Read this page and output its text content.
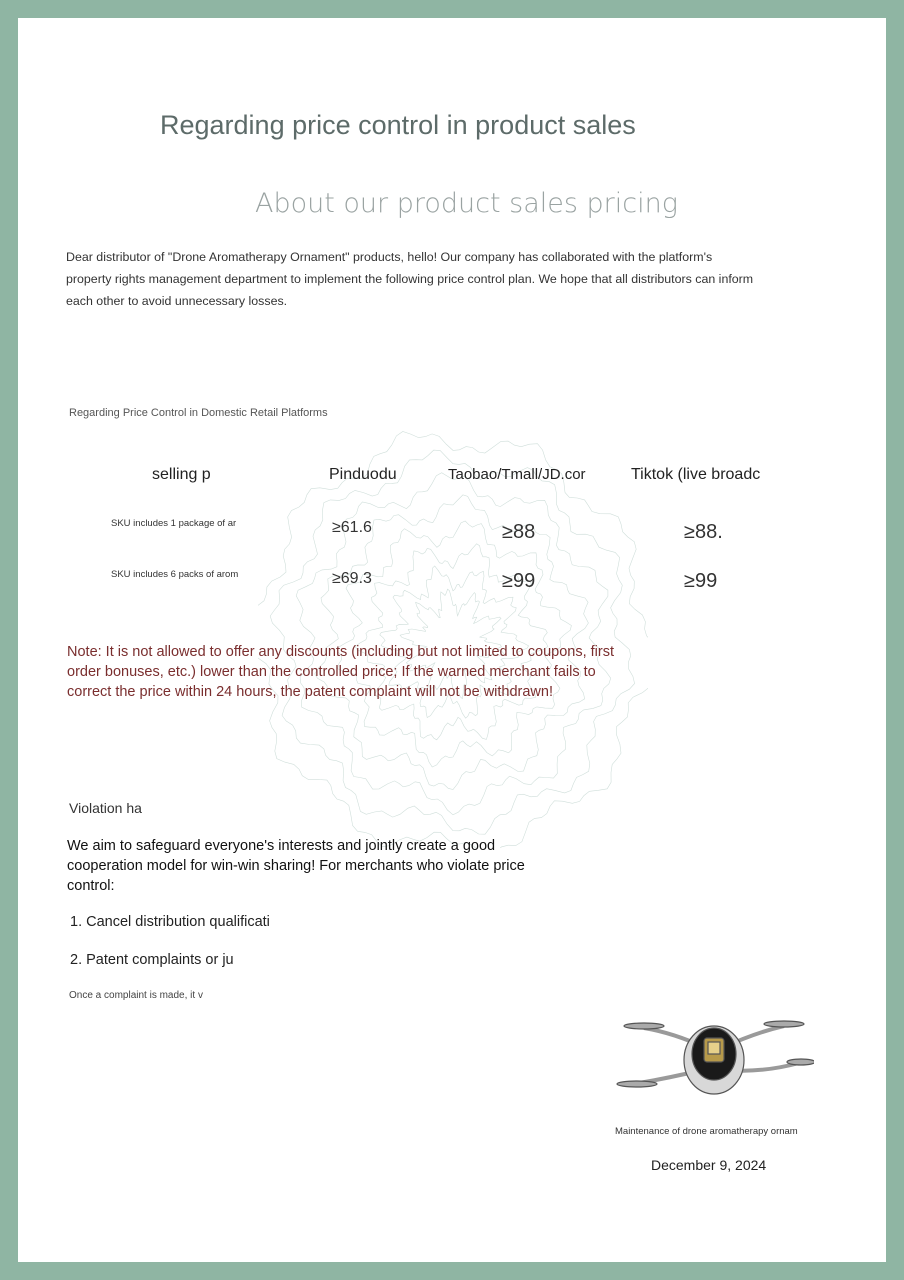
Regarding price control in product sales
About our product sales pricing

Dear distributor of "Drone Aromatherapy Ornament" products, hello! Our company has collaborated with the platform's

property rights management department to implement the following price control plan. We hope that all distributors can inform

each other to avoid unnecessary losses.

Regarding Price Control in Domestic Retail Platforms
selling p	Pinduodu	Taobao/Tmall/JD.cor	Tiktok (live broadc
SKU includes 1 package of ar	≥61.6	≥88	≥88.
SKU includes 6 packs of arom	≥69.3	≥99	≥99

Note: It is not allowed to offer any discounts (including but not limited to coupons, first

order bonuses, etc.) lower than the controlled price; If the warned merchant fails to

correct the price within 24 hours, the patent complaint will not be withdrawn!

Violation ha

We aim to safeguard everyone's interests and jointly create a good

cooperation model for win-win sharing! For merchants who violate price

control:

1. Cancel distribution qualificati
2. Patent complaints or ju
Once a complaint is made, it v
Maintenance of drone aromatherapy ornam
December 9, 2024
